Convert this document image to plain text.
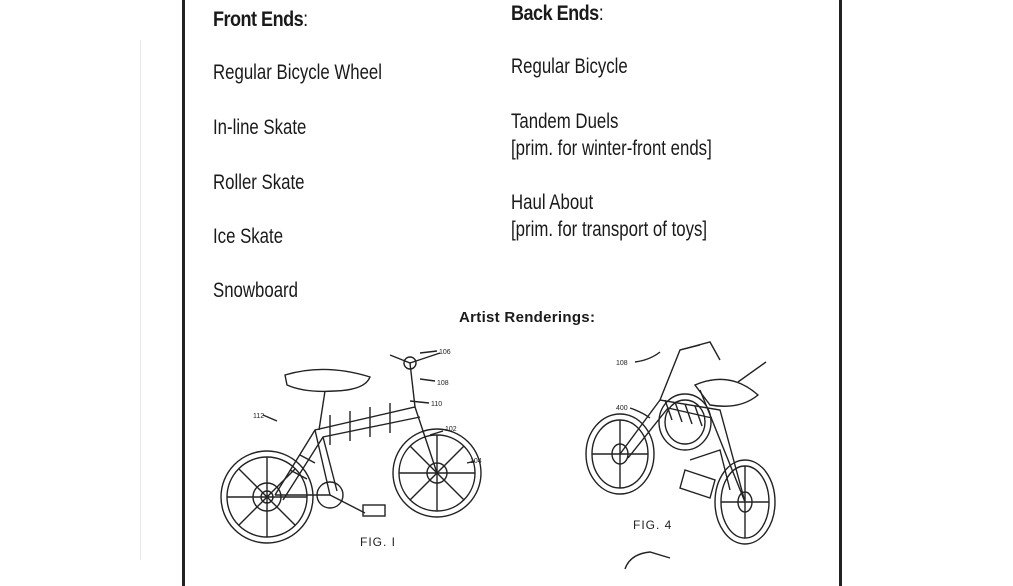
Front Ends:
Regular Bicycle Wheel
In-line Skate
Roller Skate
Ice Skate
Snowboard
Back Ends:
Regular Bicycle
Tandem Duels
[prim. for winter-front ends]
Haul About
[prim. for transport of toys]
Artist Renderings:
106
108
110
112
102
104
FIG. I
108
400
FIG. 4
